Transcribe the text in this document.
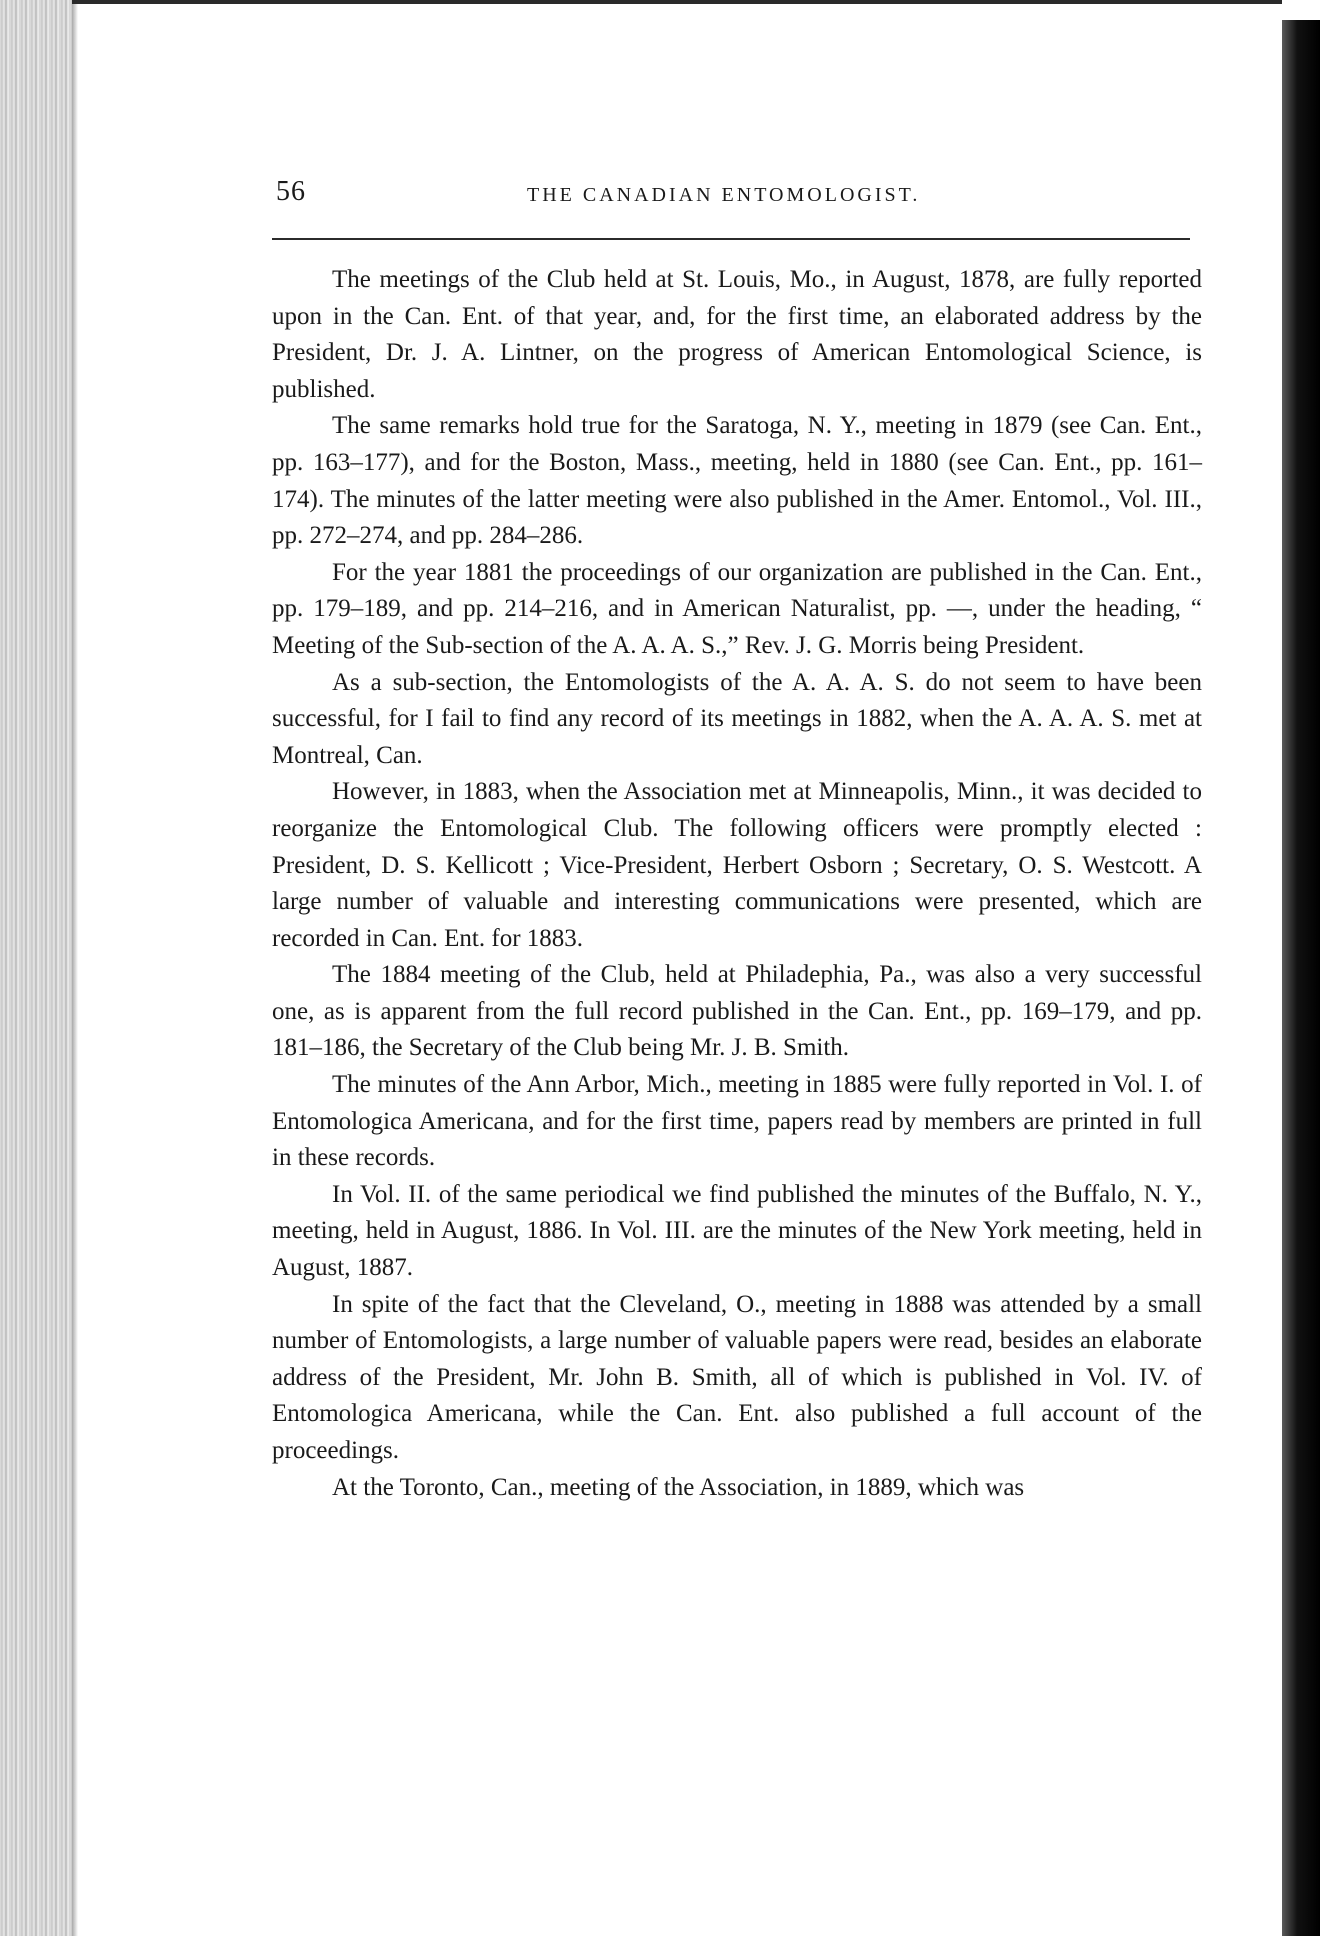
56	THE CANADIAN ENTOMOLOGIST.

The meetings of the Club held at St. Louis, Mo., in August, 1878, are fully reported upon in the Can. Ent. of that year, and, for the first time, an elaborated address by the President, Dr. J. A. Lintner, on the progress of American Entomological Science, is published.

The same remarks hold true for the Saratoga, N. Y., meeting in 1879 (see Can. Ent., pp. 163–177), and for the Boston, Mass., meeting, held in 1880 (see Can. Ent., pp. 161–174). The minutes of the latter meeting were also published in the Amer. Entomol., Vol. III., pp. 272–274, and pp. 284–286.

For the year 1881 the proceedings of our organization are published in the Can. Ent., pp. 179–189, and pp. 214–216, and in American Naturalist, pp. —, under the heading, “ Meeting of the Sub-section of the A. A. A. S.,” Rev. J. G. Morris being President.

As a sub-section, the Entomologists of the A. A. A. S. do not seem to have been successful, for I fail to find any record of its meetings in 1882, when the A. A. A. S. met at Montreal, Can.

However, in 1883, when the Association met at Minneapolis, Minn., it was decided to reorganize the Entomological Club. The following officers were promptly elected : President, D. S. Kellicott ; Vice-President, Herbert Osborn ; Secretary, O. S. Westcott. A large number of valuable and interesting communications were presented, which are recorded in Can. Ent. for 1883.

The 1884 meeting of the Club, held at Philadephia, Pa., was also a very successful one, as is apparent from the full record published in the Can. Ent., pp. 169–179, and pp. 181–186, the Secretary of the Club being Mr. J. B. Smith.

The minutes of the Ann Arbor, Mich., meeting in 1885 were fully reported in Vol. I. of Entomologica Americana, and for the first time, papers read by members are printed in full in these records.

In Vol. II. of the same periodical we find published the minutes of the Buffalo, N. Y., meeting, held in August, 1886. In Vol. III. are the minutes of the New York meeting, held in August, 1887.

In spite of the fact that the Cleveland, O., meeting in 1888 was attended by a small number of Entomologists, a large number of valuable papers were read, besides an elaborate address of the President, Mr. John B. Smith, all of which is published in Vol. IV. of Entomologica Americana, while the Can. Ent. also published a full account of the proceedings.

At the Toronto, Can., meeting of the Association, in 1889, which was
